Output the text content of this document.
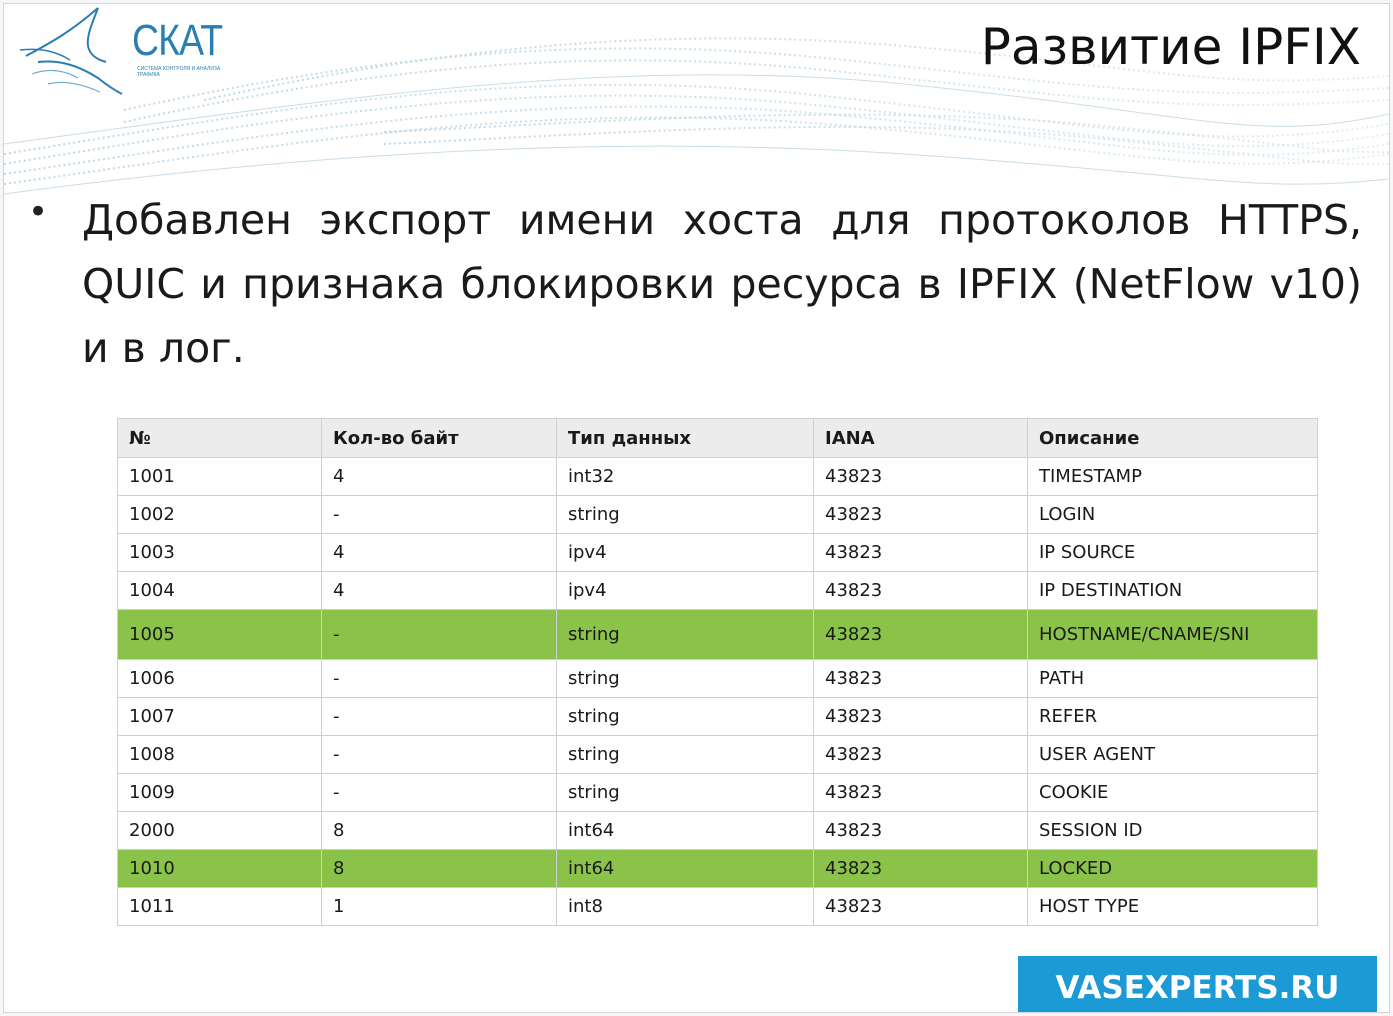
СКАТ
СИСТЕМА КОНТРОЛЯ И АНАЛИЗА ТРАФИКА	Развитие IPFIX
• Добавлен экспорт имени хоста для протоколов HTTPS, QUIC и признака блокировки ресурса в IPFIX (NetFlow v10) и в лог.
№	Кол-во байт	Тип данных	IANA	Описание
1001	4	int32	43823	TIMESTAMP
1002	-	string	43823	LOGIN
1003	4	ipv4	43823	IP SOURCE
1004	4	ipv4	43823	IP DESTINATION
1005	-	string	43823	HOSTNAME/CNAME/SNI
1006	-	string	43823	PATH
1007	-	string	43823	REFER
1008	-	string	43823	USER AGENT
1009	-	string	43823	COOKIE
2000	8	int64	43823	SESSION ID
1010	8	int64	43823	LOCKED
1011	1	int8	43823	HOST TYPE
VASEXPERTS.RU
